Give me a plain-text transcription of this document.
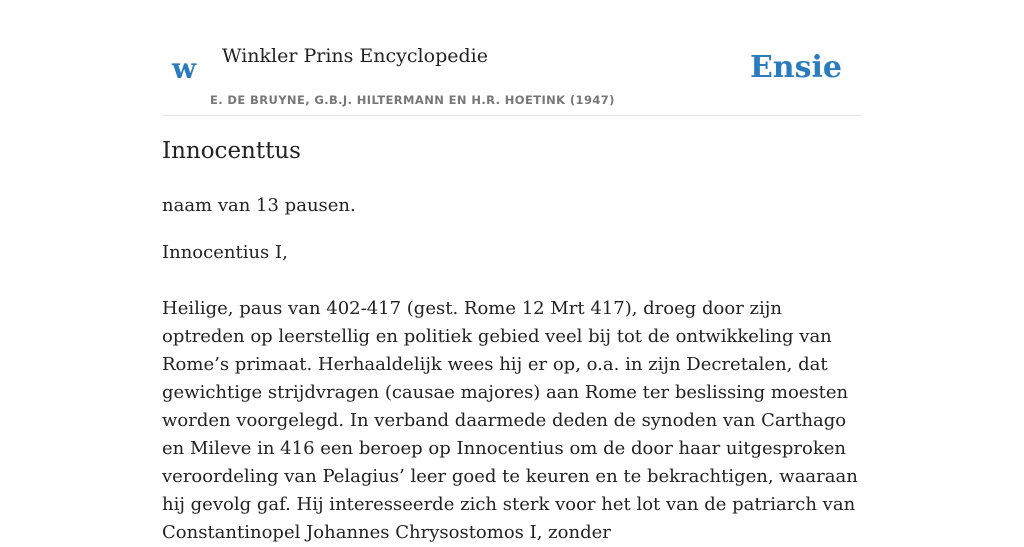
w Winkler Prins Encyclopedie
E. DE BRUYNE, G.B.J. HILTERMANN EN H.R. HOETINK (1947)
Ensie
Innocenttus

naam van 13 pausen.

Innocentius I,

Heilige, paus van 402-417 (gest. Rome 12 Mrt 417), droeg door zijn optreden op leerstellig en politiek gebied veel bij tot de ontwikkeling van Rome’s primaat. Herhaaldelijk wees hij er op, o.a. in zijn Decretalen, dat gewichtige strijdvragen (causae majores) aan Rome ter beslissing moesten worden voorgelegd. In verband daarmede deden de synoden van Carthago en Mileve in 416 een beroep op Innocentius om de door haar uitgesproken veroordeling van Pelagius’ leer goed te keuren en te bekrachtigen, waaraan hij gevolg gaf. Hij interesseerde zich sterk voor het lot van de patriarch van Constantinopel Johannes Chrysostomos I, zonder
